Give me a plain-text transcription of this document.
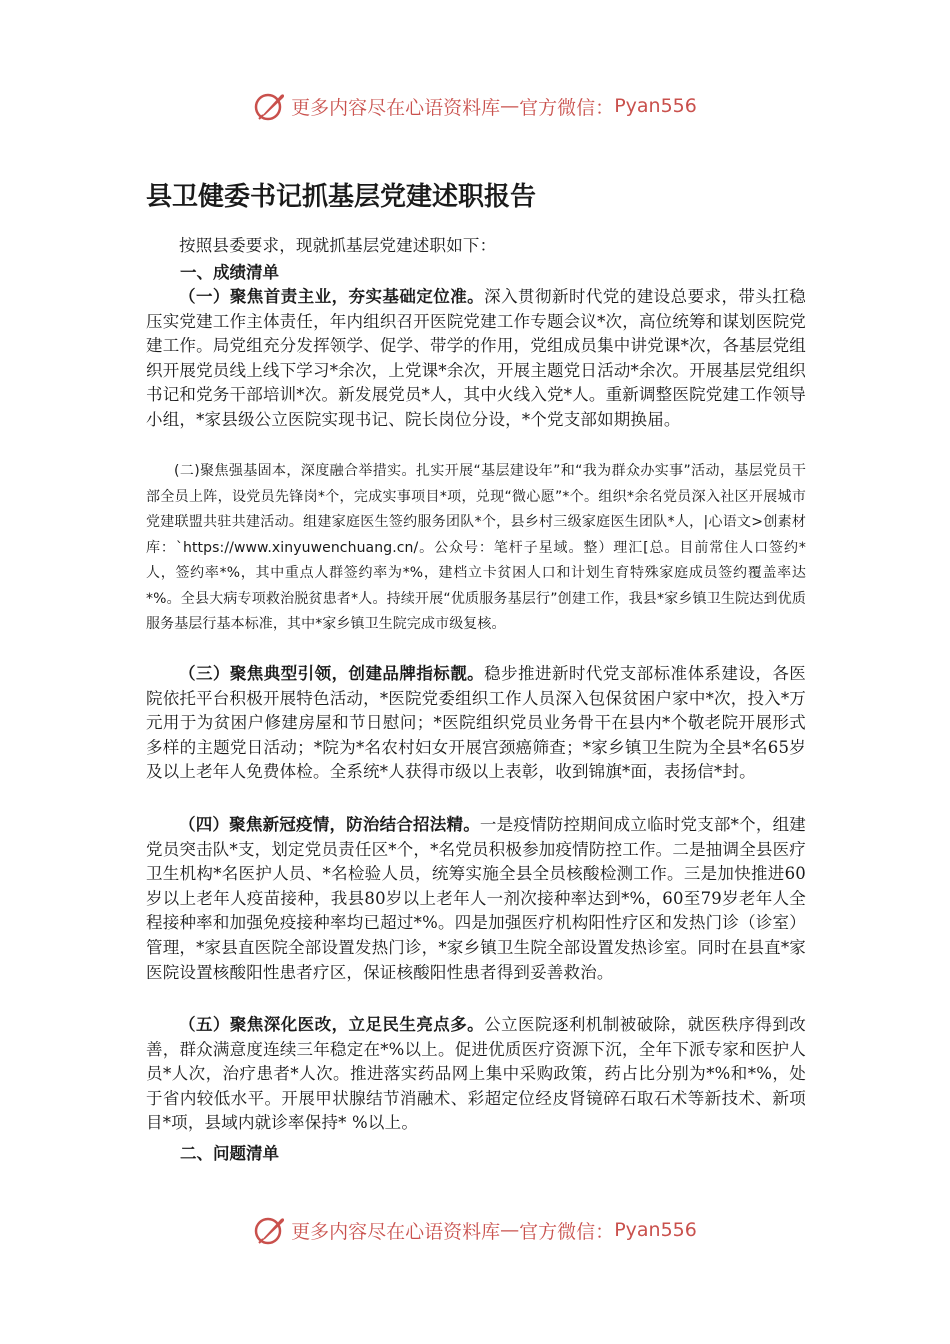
更多内容尽在心语资料库 — 官方微信： Pyan556
县卫健委书记抓基层党建述职报告

按照县委要求，现就抓基层党建述职如下：

一、成绩清单

（一）聚焦首责主业，夯实基础定位准。深入贯彻新时代党的建设总要求，带头扛稳压实党建工作主体责任，年内组织召开医院党建工作专题会议*次，高位统筹和谋划医院党建工作。局党组充分发挥领学、促学、带学的作用，党组成员集中讲党课*次，各基层党组织开展党员线上线下学习*余次，上党课*余次，开展主题党日活动*余次。开展基层党组织书记和党务干部培训*次。新发展党员*人，其中火线入党*人。重新调整医院党建工作领导小组，*家县级公立医院实现书记、院长岗位分设，*个党支部如期换届。

(二)聚焦强基固本，深度融合举措实。扎实开展“基层建设年”和“我为群众办实事”活动，基层党员干部全员上阵，设党员先锋岗*个，完成实事项目*项，兑现“微心愿”*个。组织*余名党员深入社区开展城市党建联盟共驻共建活动。组建家庭医生签约服务团队*个，县乡村三级家庭医生团队*人，|心语文>创素材库：`https://www.xinyuwenchuang.cn/。公众号：笔杆子星域。整）理汇[总。目前常住人口签约*人，签约率*%，其中重点人群签约率为*%，建档立卡贫困人口和计划生育特殊家庭成员签约覆盖率达*%。全县大病专项救治脱贫患者*人。持续开展“优质服务基层行”创建工作，我县*家乡镇卫生院达到优质服务基层行基本标准，其中*家乡镇卫生院完成市级复核。

（三）聚焦典型引领，创建品牌指标靓。稳步推进新时代党支部标准体系建设，各医院依托平台积极开展特色活动，*医院党委组织工作人员深入包保贫困户家中*次，投入*万元用于为贫困户修建房屋和节日慰问；*医院组织党员业务骨干在县内*个敬老院开展形式多样的主题党日活动；*院为*名农村妇女开展宫颈癌筛查；*家乡镇卫生院为全县*名65岁及以上老年人免费体检。全系统*人获得市级以上表彰，收到锦旗*面，表扬信*封。

（四）聚焦新冠疫情，防治结合招法精。一是疫情防控期间成立临时党支部*个，组建党员突击队*支，划定党员责任区*个，*名党员积极参加疫情防控工作。二是抽调全县医疗卫生机构*名医护人员、*名检验人员，统筹实施全县全员核酸检测工作。三是加快推进60岁以上老年人疫苗接种，我县80岁以上老年人一剂次接种率达到*%，60至79岁老年人全程接种率和加强免疫接种率均已超过*%。四是加强医疗机构阳性疗区和发热门诊（诊室）管理，*家县直医院全部设置发热门诊，*家乡镇卫生院全部设置发热诊室。同时在县直*家医院设置核酸阳性患者疗区，保证核酸阳性患者得到妥善救治。

（五）聚焦深化医改，立足民生亮点多。公立医院逐利机制被破除，就医秩序得到改善，群众满意度连续三年稳定在*%以上。促进优质医疗资源下沉，全年下派专家和医护人员*人次，治疗患者*人次。推进落实药品网上集中采购政策，药占比分别为*%和*%，处于省内较低水平。开展甲状腺结节消融术、彩超定位经皮肾镜碎石取石术等新技术、新项目*项，县域内就诊率保持* %以上。

二、问题清单

更多内容尽在心语资料库 — 官方微信： Pyan556
